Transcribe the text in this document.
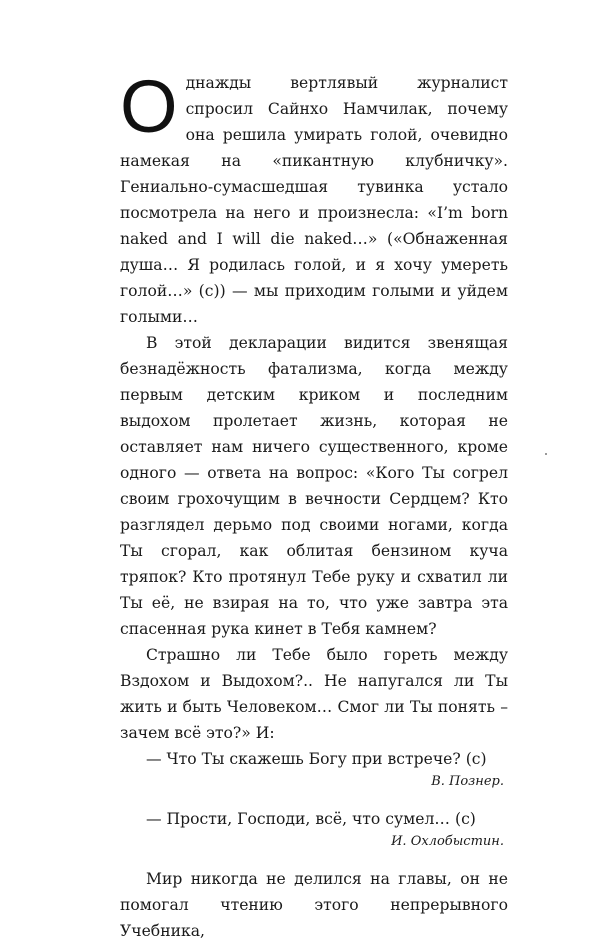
Однажды вертлявый журналист спросил Сайнхо Намчилак, почему она решила умирать голой, очевидно намекая на «пикантную клубничку». Гениально-сумасшедшая тувинка устало посмотрела на него и произнесла: «I’m born naked and I will die naked…» («Обнаженная душа… Я родилась голой, и я хочу умереть голой…» (с)) — мы приходим голыми и уйдем голыми…

В этой декларации видится звенящая безнадёжность фатализма, когда между первым детским криком и последним выдохом пролетает жизнь, которая не оставляет нам ничего существенного, кроме одного — ответа на вопрос: «Кого Ты согрел своим грохочущим в вечности Сердцем? Кто разглядел дерьмо под своими ногами, когда Ты сгорал, как облитая бензином куча тряпок? Кто протянул Тебе руку и схватил ли Ты её, не взирая на то, что уже завтра эта спасенная рука кинет в Тебя камнем?

Страшно ли Тебе было гореть между Вздохом и Выдохом?.. Не напугался ли Ты жить и быть Человеком… Смог ли Ты понять – зачем всё это?» И:

— Что Ты скажешь Богу при встрече? (с)

В. Познер.

— Прости, Господи, всё, что сумел… (с)

И. Охлобыстин.

Мир никогда не делился на главы, он не помогал чтению этого непрерывного Учебника,
